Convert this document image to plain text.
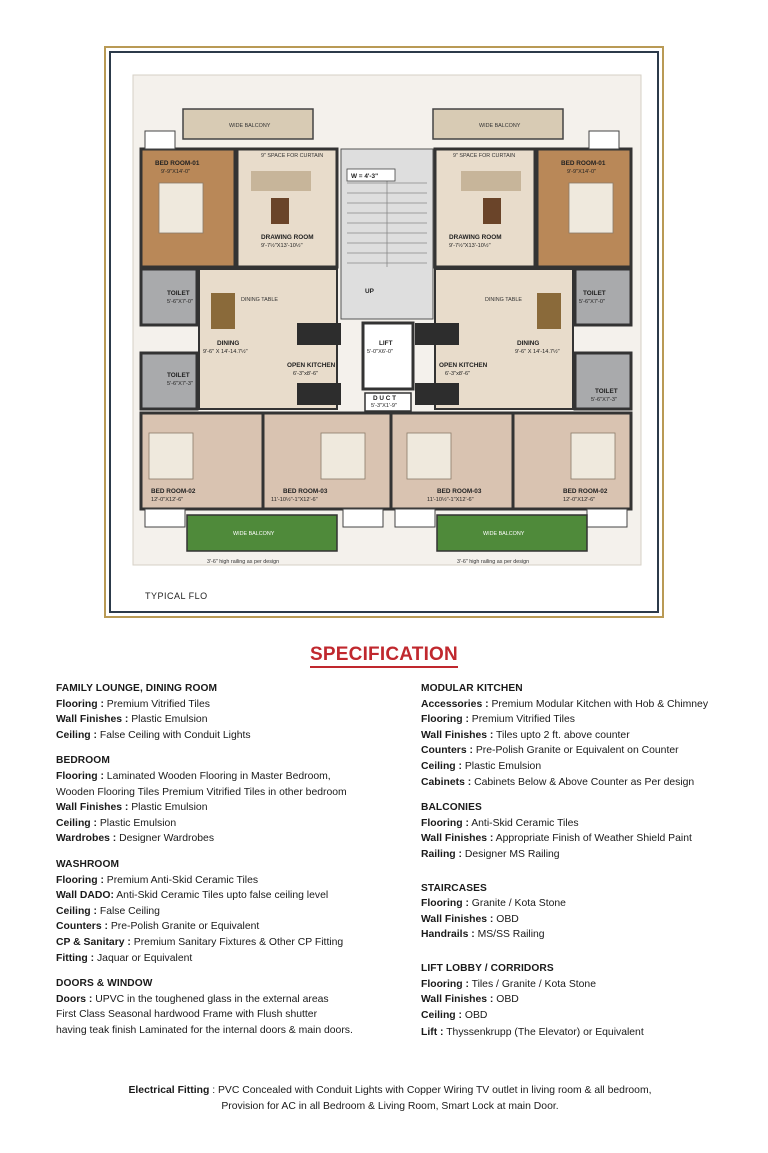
WIDE BALCONY	WIDE BALCONY
9" SPACE FOR CURTAIN	9" SPACE FOR CURTAIN
BED ROOM-01
9'-9"X14'-0"
BED ROOM-01
9'-9"X14'-0"
DRAWING ROOM
9'-7½"X13'-10½"
DRAWING ROOM
9'-7½"X13'-10½"
W = 4'-3"
UP
TOILET
5'-6"X7'-0"
TOILET
5'-6"X7'-0"
DINING TABLE	DINING TABLE
DINING
9'-6" X 14'-14.7½"
DINING
9'-6" X 14'-14.7½"
LIFT
5'-0"X6'-0"
D U C T
5'-3"X1'-9"
OPEN KITCHEN
6'-3"x8'-6"
OPEN KITCHEN
6'-3"x8'-6"
TOILET
5'-6"X7'-3"
TOILET
5'-6"X7'-3"
BED ROOM-02
12'-0"X12'-6"
BED ROOM-03
11'-10½"-1"X12'-6"
BED ROOM-03
11'-10½"-1"X12'-6"
BED ROOM-02
12'-0"X12'-6"
WIDE BALCONY	WIDE BALCONY
3'-6" high railing as per design	3'-6" high railing as per design
TYPICAL FLO
SPECIFICATION
FAMILY LOUNGE, DINING ROOM
Flooring : Premium Vitrified Tiles
Wall Finishes : Plastic Emulsion
Ceiling : False Ceiling with Conduit Lights
BEDROOM
Flooring : Laminated Wooden Flooring in Master Bedroom,
Wooden Flooring Tiles Premium Vitrified Tiles in other bedroom
Wall Finishes : Plastic Emulsion
Ceiling : Plastic Emulsion
Wardrobes : Designer Wardrobes
WASHROOM
Flooring : Premium Anti-Skid Ceramic Tiles
Wall DADO: Anti-Skid Ceramic Tiles upto false ceiling level
Ceiling : False Ceiling
Counters : Pre-Polish Granite or Equivalent
CP & Sanitary : Premium Sanitary Fixtures & Other CP Fitting
Fitting : Jaquar or Equivalent
DOORS & WINDOW
Doors : UPVC in the toughened glass in the external areas
First Class Seasonal hardwood Frame with Flush shutter
having teak finish Laminated for the internal doors & main doors.
MODULAR KITCHEN
Accessories : Premium Modular Kitchen with Hob & Chimney
Flooring : Premium Vitrified Tiles
Wall Finishes : Tiles upto 2 ft. above counter
Counters : Pre-Polish Granite or Equivalent on Counter
Ceiling : Plastic Emulsion
Cabinets : Cabinets Below & Above Counter as Per design
BALCONIES
Flooring : Anti-Skid Ceramic Tiles
Wall Finishes : Appropriate Finish of Weather Shield Paint
Railing : Designer MS Railing
STAIRCASES
Flooring : Granite / Kota Stone
Wall Finishes : OBD
Handrails : MS/SS Railing
LIFT LOBBY / CORRIDORS
Flooring : Tiles / Granite / Kota Stone
Wall Finishes : OBD
Ceiling : OBD
Lift : Thyssenkrupp (The Elevator) or Equivalent
Electrical Fitting : PVC Concealed with Conduit Lights with Copper Wiring TV outlet in living room & all bedroom,
Provision for AC in all Bedroom & Living Room, Smart Lock at main Door.
